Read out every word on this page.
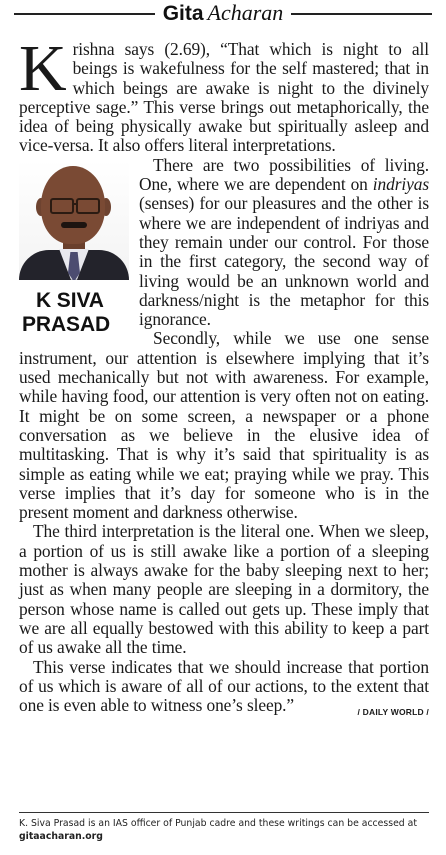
Gita Acharan

Krishna says (2.69), “That which is night to all beings is wakefulness for the self mastered; that in which beings are awake is night to the divinely perceptive sage.” This verse brings out metaphorically, the idea of being physically awake but spiritually asleep and vice-versa. It also offers literal interpretations.

K SIVA
PRASAD
There are two possibilities of living. One, where we are dependent on indriyas (senses) for our pleasures and the other is where we are independent of indriyas and they remain under our control. For those in the first category, the second way of living would be an unknown world and darkness/night is the metaphor for this ignorance.

Secondly, while we use one sense instrument, our attention is elsewhere implying that it’s used mechanically but not with awareness. For example, while having food, our attention is very often not on eating. It might be on some screen, a newspaper or a phone conversation as we believe in the elusive idea of multitasking. That is why it’s said that spirituality is as simple as eating while we eat; praying while we pray. This verse implies that it’s day for someone who is in the present moment and darkness otherwise.

The third interpretation is the literal one. When we sleep, a portion of us is still awake like a portion of a sleeping mother is always awake for the baby sleeping next to her; just as when many people are sleeping in a dormitory, the person whose name is called out gets up. These imply that we are all equally bestowed with this ability to keep a part of us awake all the time.

This verse indicates that we should increase that portion of us which is aware of all of our actions, to the extent that one is even able to witness one’s sleep.”	/ DAILY WORLD /
K. Siva Prasad is an IAS officer of Punjab cadre and these writings can be accessed at gitaacharan.org
